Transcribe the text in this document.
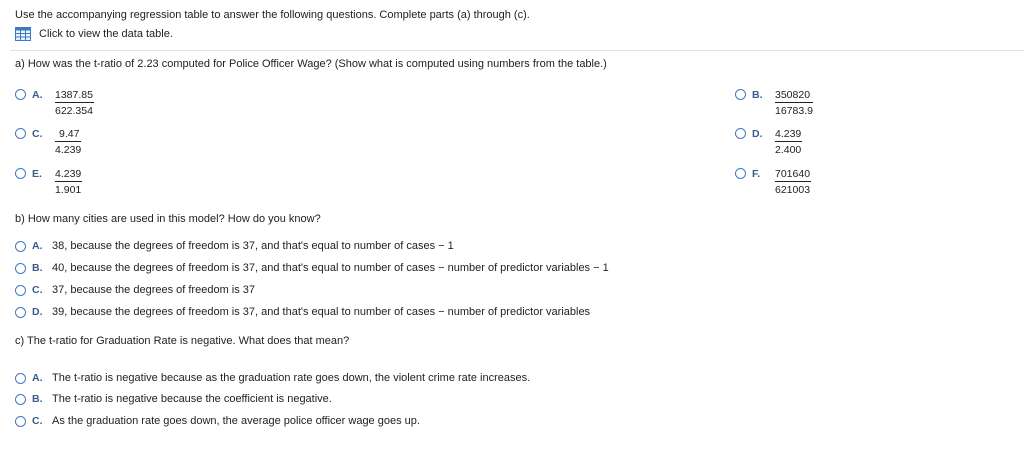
Use the accompanying regression table to answer the following questions. Complete parts (a) through (c).
Click to view the data table.
a) How was the t-ratio of 2.23 computed for Police Officer Wage? (Show what is computed using numbers from the table.)
A. $\frac{1387.85}{622.354}$	B. $\frac{350820}{16783.9}$
C. $\frac{9.47}{4.239}$	D. $\frac{4.239}{2.400}$
E. $\frac{4.239}{1.901}$	F. $\frac{701640}{621003}$
b) How many cities are used in this model? How do you know?
A. 38, because the degrees of freedom is 37, and that's equal to number of cases − 1
B. 40, because the degrees of freedom is 37, and that's equal to number of cases − number of predictor variables − 1
C. 37, because the degrees of freedom is 37
D. 39, because the degrees of freedom is 37, and that's equal to number of cases − number of predictor variables
c) The t-ratio for Graduation Rate is negative. What does that mean?
A. The t-ratio is negative because as the graduation rate goes down, the violent crime rate increases.
B. The t-ratio is negative because the coefficient is negative.
C. As the graduation rate goes down, the average police officer wage goes up.
